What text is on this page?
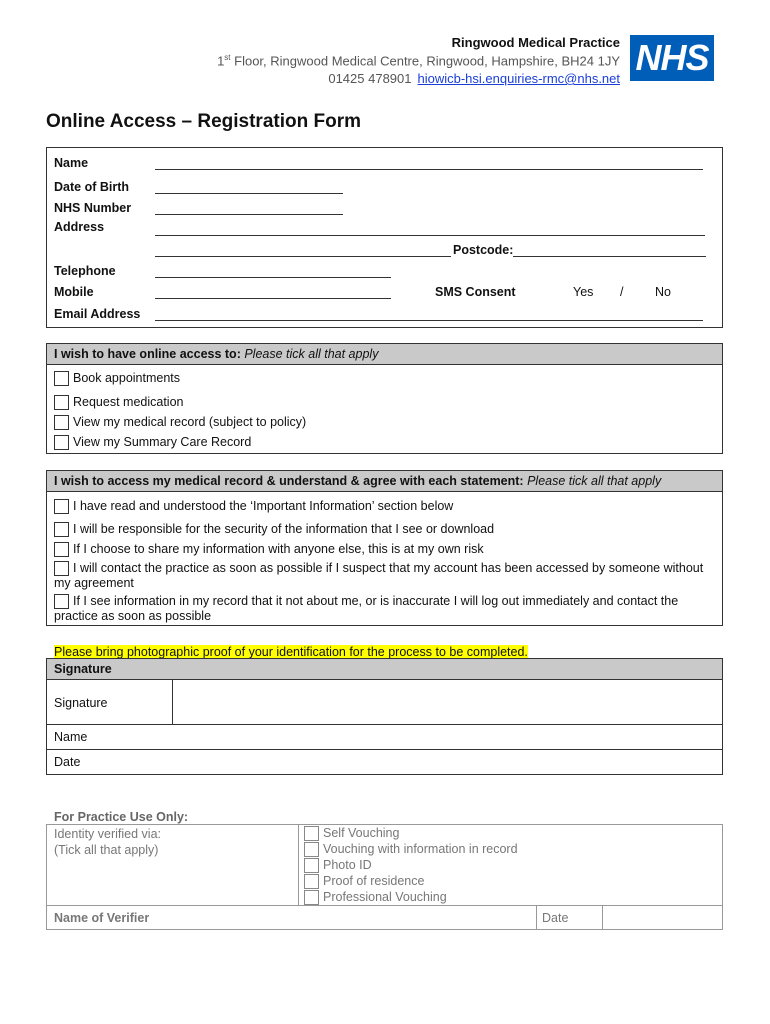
Ringwood Medical Practice
1st Floor, Ringwood Medical Centre, Ringwood, Hampshire, BH24 1JY
01425 478901 hiowicb-hsi.enquiries-rmc@nhs.net
NHS
Online Access – Registration Form
Name
Date of Birth
NHS Number
Address
Postcode:
Telephone
Mobile	SMS Consent	Yes /	No
Email Address
I wish to have online access to: Please tick all that apply
Book appointments
Request medication
View my medical record (subject to policy)
View my Summary Care Record
I wish to access my medical record & understand & agree with each statement: Please tick all that apply
I have read and understood the ‘Important Information’ section below
I will be responsible for the security of the information that I see or download
If I choose to share my information with anyone else, this is at my own risk
I will contact the practice as soon as possible if I suspect that my account has been accessed by someone without my agreement
If I see information in my record that it not about me, or is inaccurate I will log out immediately and contact the practice as soon as possible
Please bring photographic proof of your identification for the process to be completed.
Signature
Signature
Name
Date
For Practice Use Only:
Identity verified via:
(Tick all that apply)
Self Vouching
Vouching with information in record
Photo ID
Proof of residence
Professional Vouching
Name of Verifier	Date
